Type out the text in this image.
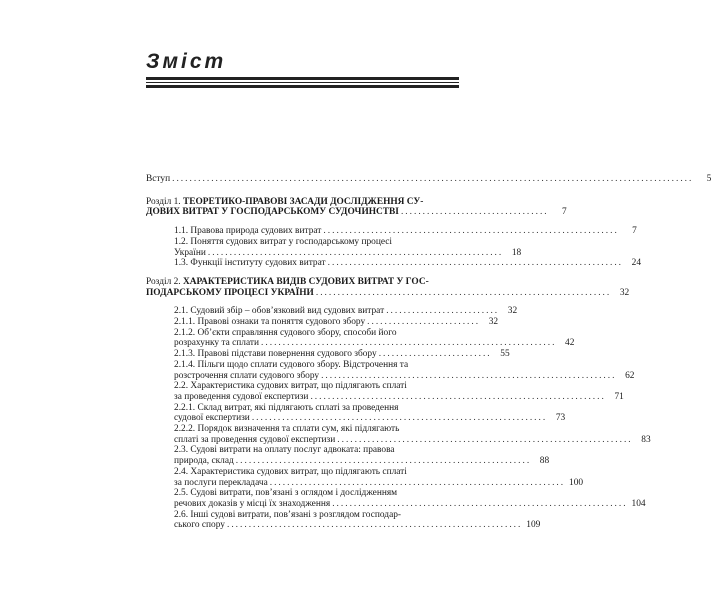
Зміст
Вступ ........................................................................................................................	5
Розділ 1. ТЕОРЕТИКО-ПРАВОВІ ЗАСАДИ ДОСЛІДЖЕННЯ СУ-
ДОВИХ ВИТРАТ У ГОСПОДАРСЬКОМУ СУДОЧИНСТВІ ..................................	7
1.1. Правова природа судових витрат ....................................................................	7
1.2. Поняття судових витрат у господарському процесі
України .................................................................... 18
1.3. Функції інституту судових витрат .................................................................... 24
Розділ 2. ХАРАКТЕРИСТИКА ВИДІВ СУДОВИХ ВИТРАТ У ГОС-
ПОДАРСЬКОМУ ПРОЦЕСІ УКРАЇНИ .................................................................... 32
2.1. Судовий збір – обов’язковий вид судових витрат .......................... 32
2.1.1. Правові ознаки та поняття судового збору .......................... 32
2.1.2. Об’єкти справляння судового збору, способи його
розрахунку та сплати .................................................................... 42
2.1.3. Правові підстави повернення судового збору .......................... 55
2.1.4. Пільги щодо сплати судового збору. Відстрочення та
розстрочення сплати судового збору .................................................................... 62
2.2. Характеристика судових витрат, що підлягають сплаті
за проведення судової експертизи .................................................................... 71
2.2.1. Склад витрат, які підлягають сплаті за проведення
судової експертизи .................................................................... 73
2.2.2. Порядок визначення та сплати сум, які підлягають
сплаті за проведення судової експертизи .................................................................... 83
2.3. Судові витрати на оплату послуг адвоката: правова
природа, склад .................................................................... 88
2.4. Характеристика судових витрат, що підлягають сплаті
за послуги перекладача .................................................................... 100
2.5. Судові витрати, пов’язані з оглядом і дослідженням
речових доказів у місці їх знаходження .................................................................... 104
2.6. Інші судові витрати, пов’язані з розглядом господар-
ського спору .................................................................... 109
